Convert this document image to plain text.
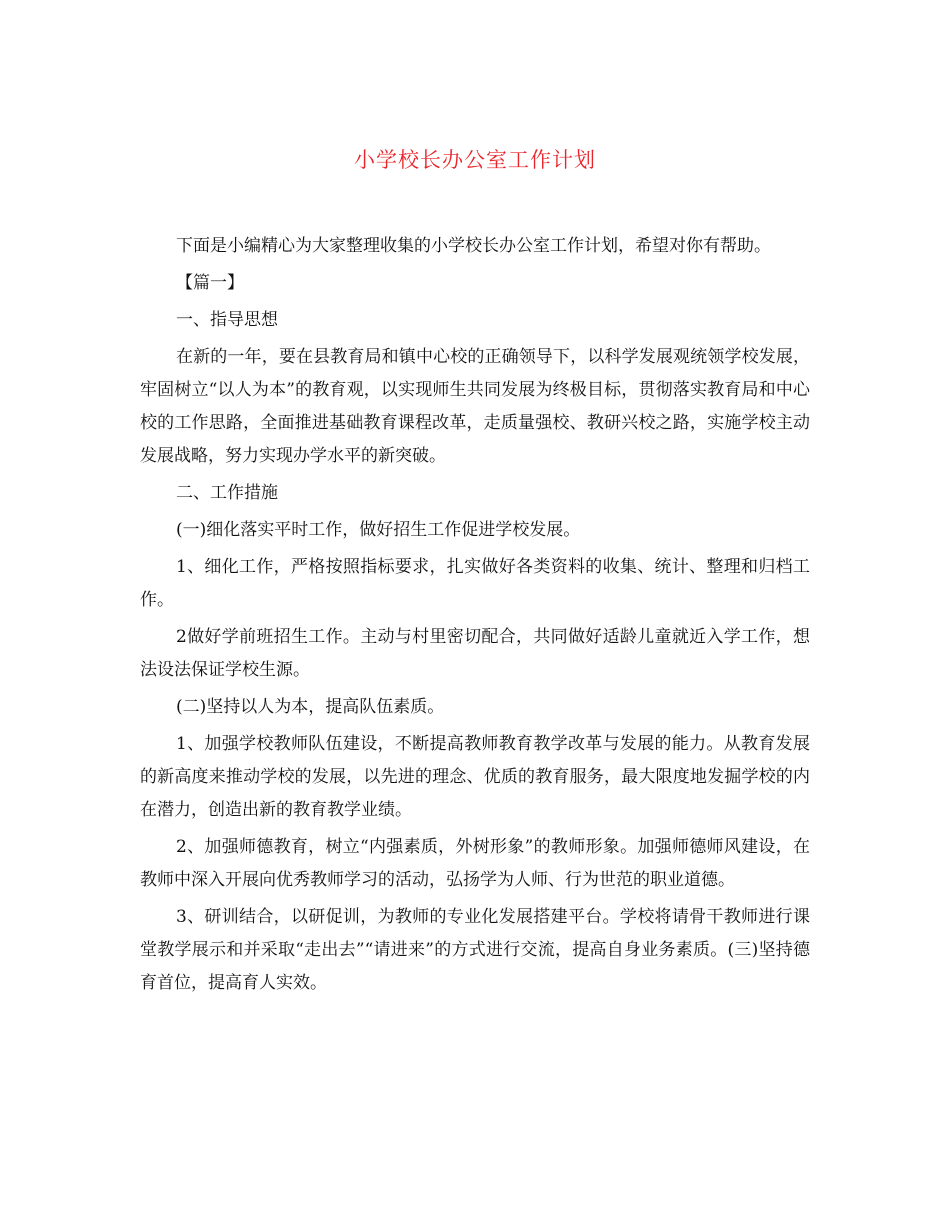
小学校长办公室工作计划

下面是小编精心为大家整理收集的小学校长办公室工作计划，希望对你有帮助。

【篇一】

一、指导思想

在新的一年，要在县教育局和镇中心校的正确领导下，以科学发展观统领学校发展，牢固树立“以人为本”的教育观，以实现师生共同发展为终极目标，贯彻落实教育局和中心校的工作思路，全面推进基础教育课程改革，走质量强校、教研兴校之路，实施学校主动发展战略，努力实现办学水平的新突破。

二、工作措施

(一)细化落实平时工作，做好招生工作促进学校发展。

1、细化工作，严格按照指标要求，扎实做好各类资料的收集、统计、整理和归档工作。

2做好学前班招生工作。主动与村里密切配合，共同做好适龄儿童就近入学工作，想法设法保证学校生源。

(二)坚持以人为本，提高队伍素质。

1、加强学校教师队伍建设，不断提高教师教育教学改革与发展的能力。从教育发展的新高度来推动学校的发展，以先进的理念、优质的教育服务，最大限度地发掘学校的内在潜力，创造出新的教育教学业绩。

2、加强师德教育，树立“内强素质，外树形象”的教师形象。加强师德师风建设，在教师中深入开展向优秀教师学习的活动，弘扬学为人师、行为世范的职业道德。

3、研训结合，以研促训，为教师的专业化发展搭建平台。学校将请骨干教师进行课堂教学展示和并采取“走出去”“请进来”的方式进行交流，提高自身业务素质。(三)坚持德育首位，提高育人实效。
